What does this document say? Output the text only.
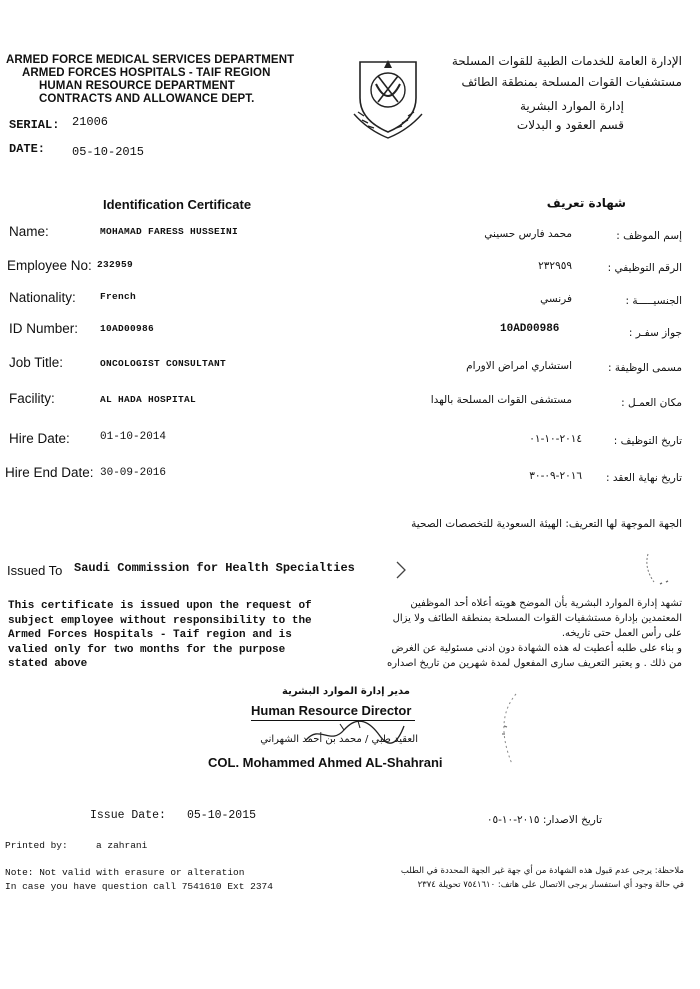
ARMED FORCE MEDICAL SERVICES DEPARTMENT
ARMED FORCES HOSPITALS - TAIF REGION
HUMAN RESOURCE DEPARTMENT
CONTRACTS AND ALLOWANCE DEPT.
الإدارة العامة للخدمات الطبية للقوات المسلحة
مستشفيات القوات المسلحة بمنطقة الطائف
إدارة الموارد البشرية
قسم العقود و البدلات
SERIAL: 21006
DATE: 05-10-2015
Identification Certificate	شهادة تعريف
Name:	MOHAMAD FARESS HUSSEINI	محمد فارس حسيني	إسم الموظف :
Employee No: 232959	٢٣٢٩٥٩	الرقم التوظيفي :
Nationality:	French	فرنسي	الجنسيـــــة :
ID Number: 10AD00986	10AD00986	جواز سفـر :
Job Title:	ONCOLOGIST CONSULTANT	استشاري امراض الاورام	مسمى الوظيفة :
Facility:	AL HADA HOSPITAL	مستشفى القوات المسلحة بالهدا	مكان العمـل :
Hire Date:	01-10-2014	٢٠١٤-١٠-٠١	تاريخ التوظيف :
Hire End Date: 30-09-2016	٢٠١٦-٠٩-٣٠ تاريخ نهاية العقد :
الجهة الموجهة لها التعريف: الهيئة السعودية للتخصصات الصحية
Issued To Saudi Commission for Health Specialties
This certificate is issued upon the request of
subject employee without responsibility to the
Armed Forces Hospitals - Taif region and is
valied only for two months for the purpose
stated above
تشهد إدارة الموارد البشرية بأن الموضح هويته أعلاه أحد الموظفين
المعتمدين بإدارة مستشفيات القوات المسلحة بمنطقة الطائف ولا يزال
على رأس العمل حتى تاريخه.
و بناء على طلبه أعطيت له هذه الشهادة دون ادنى مسئولية عن الغرض
من ذلك . و يعتبر التعريف سارى المفعول لمدة شهرين من تاريخ اصداره
مدير إدارة الموارد البشرية
Human Resource Director
العقيد طبي / محمد بن أحمد الشهراني
COL. Mohammed Ahmed AL-Shahrani
Issue Date: 05-10-2015	تاريخ الاصدار: ٢٠١٥-١٠-٠٥
Printed by:	a zahrani
Note: Not valid with erasure or alteration
In case you have question call 7541610 Ext 2374
ملاحظة: يرجى عدم قبول هذه الشهادة من أي جهة غير الجهة المحددة في الطلب
في حالة وجود أي استفسار يرجى الاتصال على هاتف: ٧٥٤١٦١٠ تحويلة ٢٣٧٤
